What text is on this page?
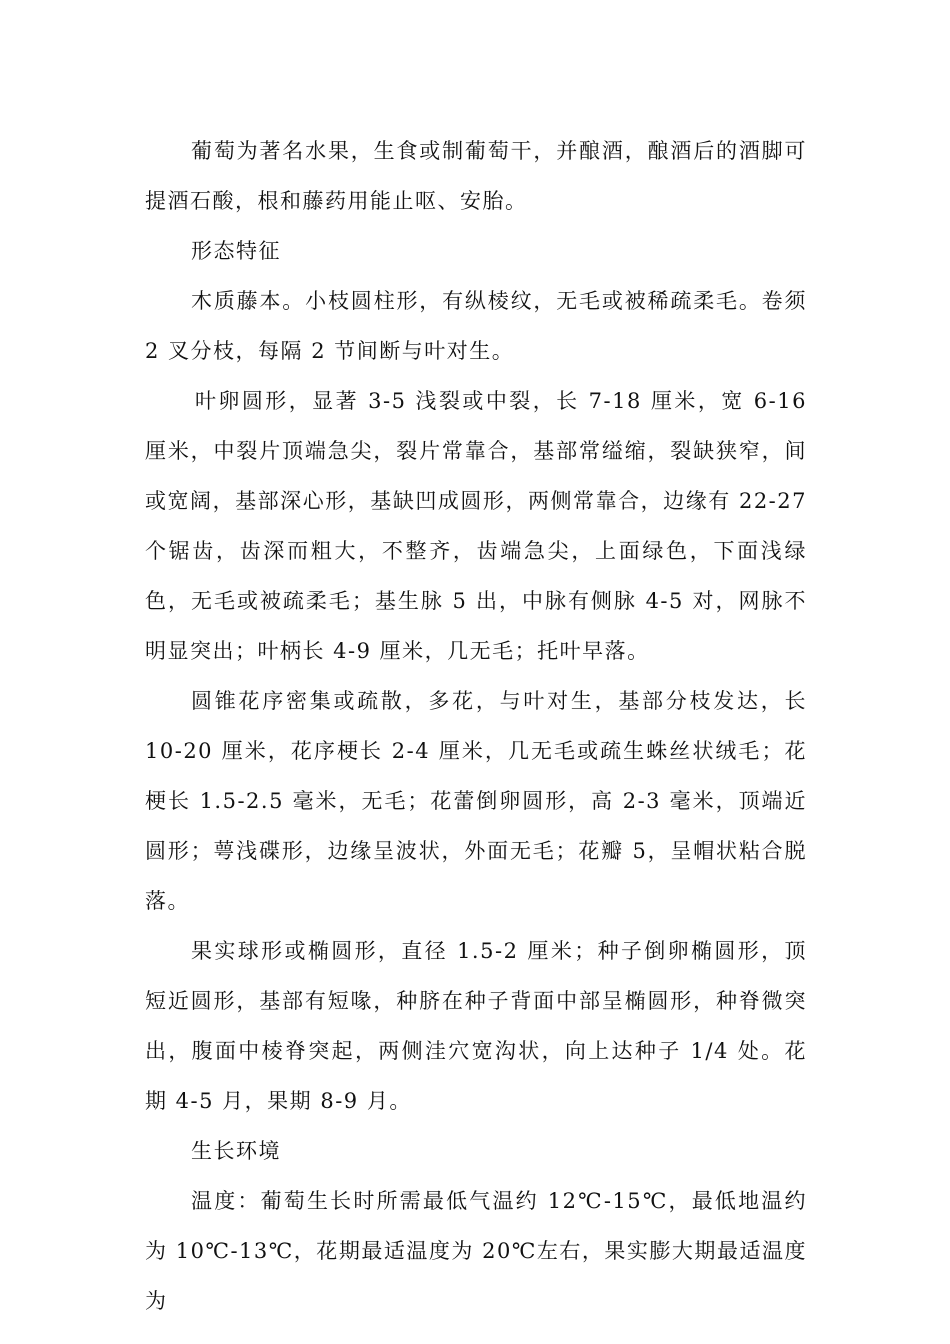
葡萄为著名水果，生食或制葡萄干，并酿酒，酿酒后的酒脚可提酒石酸，根和藤药用能止呕、安胎。

形态特征

木质藤本。小枝圆柱形，有纵棱纹，无毛或被稀疏柔毛。卷须 2 叉分枝，每隔 2 节间断与叶对生。

叶卵圆形，显著 3-5 浅裂或中裂，长 7-18 厘米，宽 6-16 厘米，中裂片顶端急尖，裂片常靠合，基部常缢缩，裂缺狭窄，间或宽阔，基部深心形，基缺凹成圆形，两侧常靠合，边缘有 22-27 个锯齿，齿深而粗大，不整齐，齿端急尖，上面绿色，下面浅绿色，无毛或被疏柔毛；基生脉 5 出，中脉有侧脉 4-5 对，网脉不明显突出；叶柄长 4-9 厘米，几无毛；托叶早落。

圆锥花序密集或疏散，多花，与叶对生，基部分枝发达，长 10-20 厘米，花序梗长 2-4 厘米，几无毛或疏生蛛丝状绒毛；花梗长 1.5-2.5 毫米，无毛；花蕾倒卵圆形，高 2-3 毫米，顶端近圆形；萼浅碟形，边缘呈波状，外面无毛；花瓣 5，呈帽状粘合脱落。

果实球形或椭圆形，直径 1.5-2 厘米；种子倒卵椭圆形，顶短近圆形，基部有短喙，种脐在种子背面中部呈椭圆形，种脊微突出，腹面中棱脊突起，两侧洼穴宽沟状，向上达种子 1/4 处。花期 4-5 月，果期 8-9 月。

生长环境

温度：葡萄生长时所需最低气温约 12℃-15℃，最低地温约为 10℃-13℃，花期最适温度为 20℃左右，果实膨大期最适温度为
